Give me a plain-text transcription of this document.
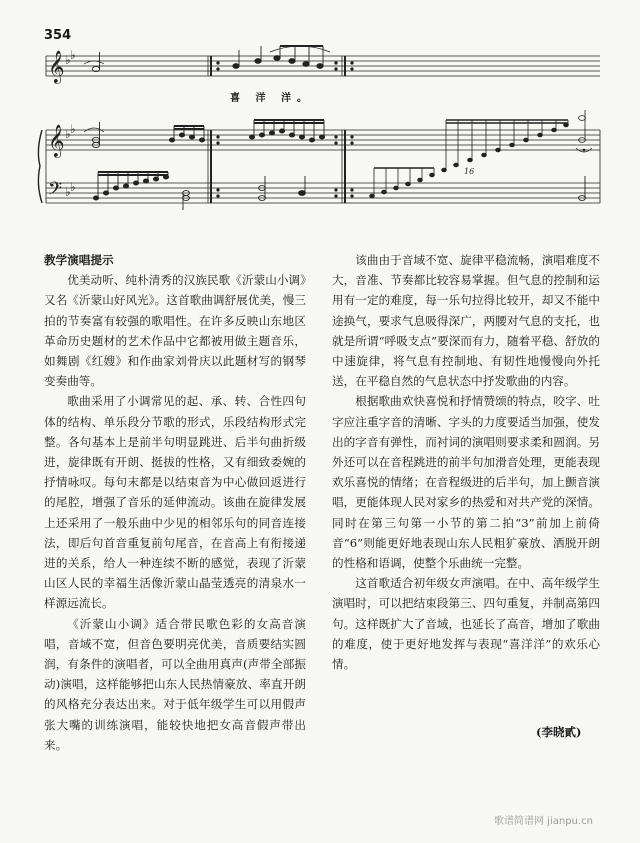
354
𝄞
𝄞
𝄢
♭ ♭
♭ ♭
♭ ♭
16
喜 洋 洋。
教学演唱提示

优美动听、纯朴清秀的汉族民歌《沂蒙山小调》又名《沂蒙山好风光》。这首歌曲调舒展优美，慢三拍的节奏富有较强的歌唱性。在许多反映山东地区革命历史题材的艺术作品中它都被用做主题音乐，如舞剧《红嫂》和作曲家刘骨庆以此题材写的钢琴变奏曲等。

歌曲采用了小调常见的起、承、转、合性四句体的结构、单乐段分节歌的形式，乐段结构形式完整。各句基本上是前半句明显跳进、后半句曲折级进，旋律既有开朗、挺拔的性格，又有细致委婉的抒情咏叹。每句末都是以结束音为中心做回返进行的尾腔，增强了音乐的延伸流动。该曲在旋律发展上还采用了一般乐曲中少见的相邻乐句的同音连接法，即后句首音重复前句尾音，在音高上有衔接递进的关系，给人一种连续不断的感觉，表现了沂蒙山区人民的幸福生活像沂蒙山晶莹透亮的清泉水一样源远流长。

《沂蒙山小调》适合带民歌色彩的女高音演唱，音域不宽，但音色要明亮优美，音质要结实圆润，有条件的演唱者，可以全曲用真声(声带全部振动)演唱，这样能够把山东人民热情豪放、率直开朗的风格充分表达出来。对于低年级学生可以用假声张大嘴的训练演唱，能较快地把女高音假声带出来。

该曲由于音域不宽、旋律平稳流畅，演唱难度不大，音准、节奏都比较容易掌握。但气息的控制和运用有一定的难度，每一乐句拉得比较开，却又不能中途换气，要求气息吸得深广，两腰对气息的支托，也就是所谓“呼吸支点”要深而有力，随着平稳、舒放的中速旋律，将气息有控制地、有韧性地慢慢向外托送，在平稳自然的气息状态中抒发歌曲的内容。

根据歌曲欢快喜悦和抒情赞颂的特点，咬字、吐字应注重字音的清晰、字头的力度要适当加强，使发出的字音有弹性，而衬词的演唱则要求柔和圆润。另外还可以在音程跳进的前半句加滑音处理，更能表现欢乐喜悦的情绪；在音程级进的后半句，加上颤音演唱，更能体现人民对家乡的热爱和对共产党的深情。同时在第三句第一小节的第二拍“3”前加上前倚音“6”则能更好地表现山东人民粗犷豪放、洒脱开朗的性格和语调，使整个乐曲统一完整。

这首歌适合初年级女声演唱。在中、高年级学生演唱时，可以把结束段第三、四句重复，并制高第四句。这样既扩大了音域，也延长了高音，增加了歌曲的难度，使于更好地发挥与表现“喜洋洋”的欢乐心情。

(李晓貳)
歌谱简谱网 jianpu.cn
